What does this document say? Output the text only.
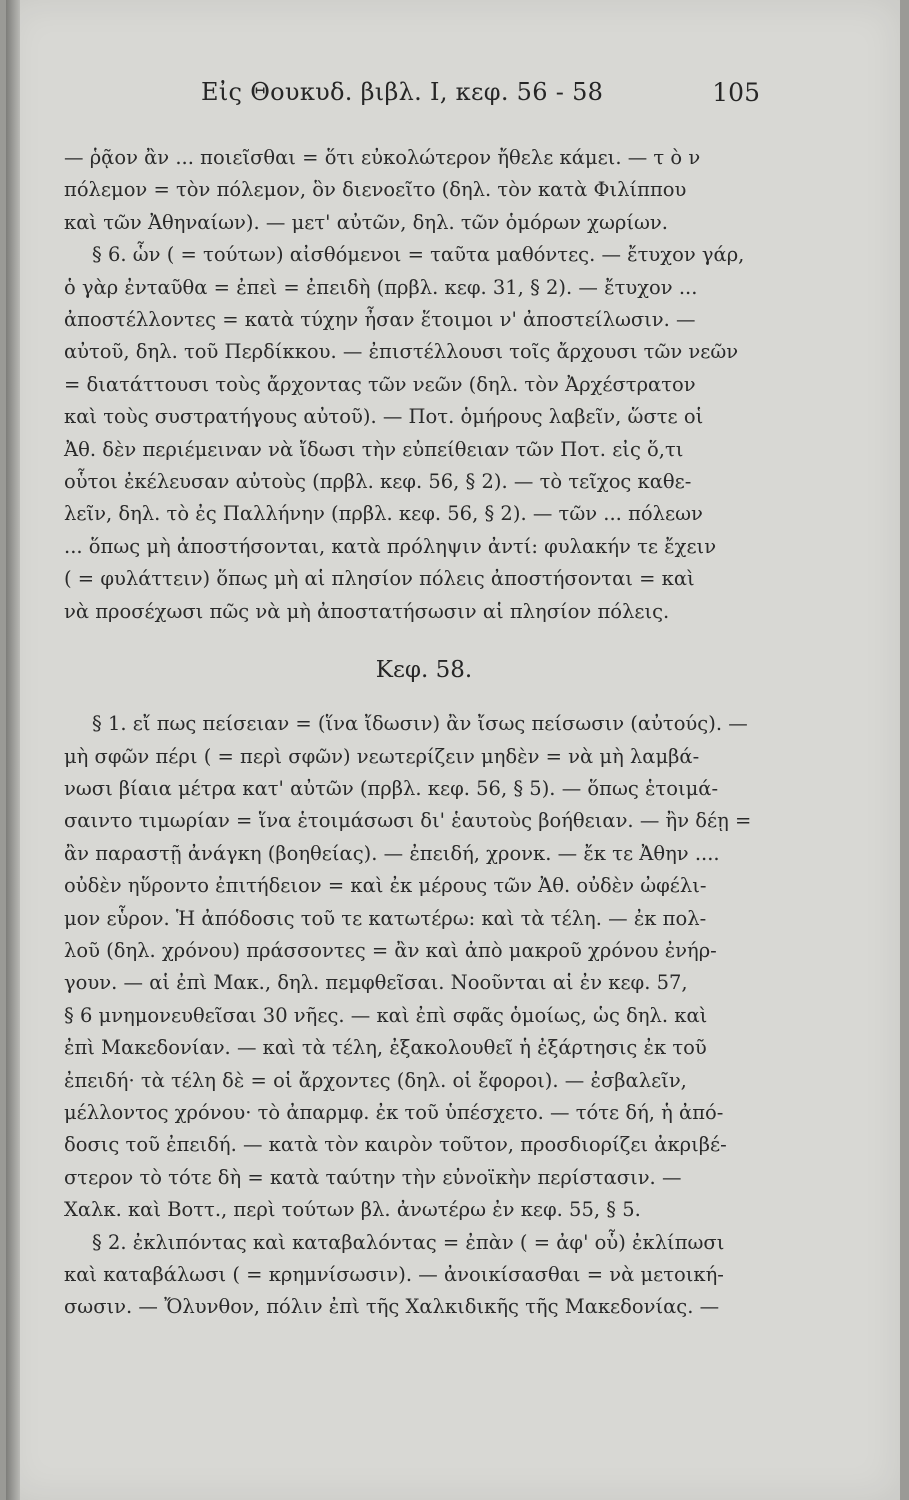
Εἰς Θουκυδ. βιβλ. I, κεφ. 56 - 58	105
— ῥᾷον ἂν ... ποιεῖσθαι = ὅτι εὐκολώτερον ἤθελε κάμει. — τ ὸ ν
πόλεμον = τὸν πόλεμον, ὃν διενοεῖτο (δηλ. τὸν κατὰ Φιλίππου
καὶ τῶν Ἀθηναίων). — μετ' αὐτῶν, δηλ. τῶν ὁμόρων χωρίων.
§ 6. ὧν ( = τούτων) αἰσθόμενοι = ταῦτα μαθόντες. — ἔτυχον γάρ,
ὁ γὰρ ἐνταῦθα = ἐπεὶ = ἐπειδὴ (πρβλ. κεφ. 31, § 2). — ἔτυχον ...
ἀποστέλλοντες = κατὰ τύχην ἦσαν ἕτοιμοι ν' ἀποστείλωσιν. —
αὐτοῦ, δηλ. τοῦ Περδίκκου. — ἐπιστέλλουσι τοῖς ἄρχουσι τῶν νεῶν
= διατάττουσι τοὺς ἄρχοντας τῶν νεῶν (δηλ. τὸν Ἀρχέστρατον
καὶ τοὺς συστρατήγους αὐτοῦ). — Ποτ. ὁμήρους λαβεῖν, ὥστε οἱ
Ἀθ. δὲν περιέμειναν νὰ ἴδωσι τὴν εὐπείθειαν τῶν Ποτ. εἰς ὅ,τι
οὗτοι ἐκέλευσαν αὐτοὺς (πρβλ. κεφ. 56, § 2). — τὸ τεῖχος καθε-
λεῖν, δηλ. τὸ ἐς Παλλήνην (πρβλ. κεφ. 56, § 2). — τῶν ... πόλεων
... ὅπως μὴ ἀποστήσονται, κατὰ πρόληψιν ἀντί: φυλακήν τε ἔχειν
( = φυλάττειν) ὅπως μὴ αἱ πλησίον πόλεις ἀποστήσονται = καὶ
νὰ προσέχωσι πῶς νὰ μὴ ἀποστατήσωσιν αἱ πλησίον πόλεις.
Κεφ. 58.
§ 1. εἴ πως πείσειαν = (ἵνα ἴδωσιν) ἂν ἴσως πείσωσιν (αὐτούς). —
μὴ σφῶν πέρι ( = περὶ σφῶν) νεωτερίζειν μηδὲν = νὰ μὴ λαμβά-
νωσι βίαια μέτρα κατ' αὐτῶν (πρβλ. κεφ. 56, § 5). — ὅπως ἑτοιμά-
σαιντο τιμωρίαν = ἵνα ἑτοιμάσωσι δι' ἑαυτοὺς βοήθειαν. — ἢν δέῃ =
ἂν παραστῇ ἀνάγκη (βοηθείας). — ἐπειδή, χρονκ. — ἔκ τε Ἀθην ....
οὐδὲν ηὕροντο ἐπιτήδειον = καὶ ἐκ μέρους τῶν Ἀθ. οὐδὲν ὠφέλι-
μον εὗρον. Ἡ ἀπόδοσις τοῦ τε κατωτέρω: καὶ τὰ τέλη. — ἐκ πολ-
λοῦ (δηλ. χρόνου) πράσσοντες = ἂν καὶ ἀπὸ μακροῦ χρόνου ἐνήρ-
γουν. — αἱ ἐπὶ Μακ., δηλ. πεμφθεῖσαι. Νοοῦνται αἱ ἐν κεφ. 57,
§ 6 μνημονευθεῖσαι 30 νῆες. — καὶ ἐπὶ σφᾶς ὁμοίως, ὡς δηλ. καὶ
ἐπὶ Μακεδονίαν. — καὶ τὰ τέλη, ἐξακολουθεῖ ἡ ἐξάρτησις ἐκ τοῦ
ἐπειδή· τὰ τέλη δὲ = οἱ ἄρχοντες (δηλ. οἱ ἔφοροι). — ἐσβαλεῖν,
μέλλοντος χρόνου· τὸ ἀπαρμφ. ἐκ τοῦ ὑπέσχετο. — τότε δή, ἡ ἀπό-
δοσις τοῦ ἐπειδή. — κατὰ τὸν καιρὸν τοῦτον, προσδιορίζει ἀκριβέ-
στερον τὸ τότε δὴ = κατὰ ταύτην τὴν εὐνοϊκὴν περίστασιν. —
Χαλκ. καὶ Βοττ., περὶ τούτων βλ. ἀνωτέρω ἐν κεφ. 55, § 5.
§ 2. ἐκλιπόντας καὶ καταβαλόντας = ἐπὰν ( = ἀφ' οὗ) ἐκλίπωσι
καὶ καταβάλωσι ( = κρημνίσωσιν). — ἀνοικίσασθαι = νὰ μετοική-
σωσιν. — Ὄλυνθον, πόλιν ἐπὶ τῆς Χαλκιδικῆς τῆς Μακεδονίας. —
